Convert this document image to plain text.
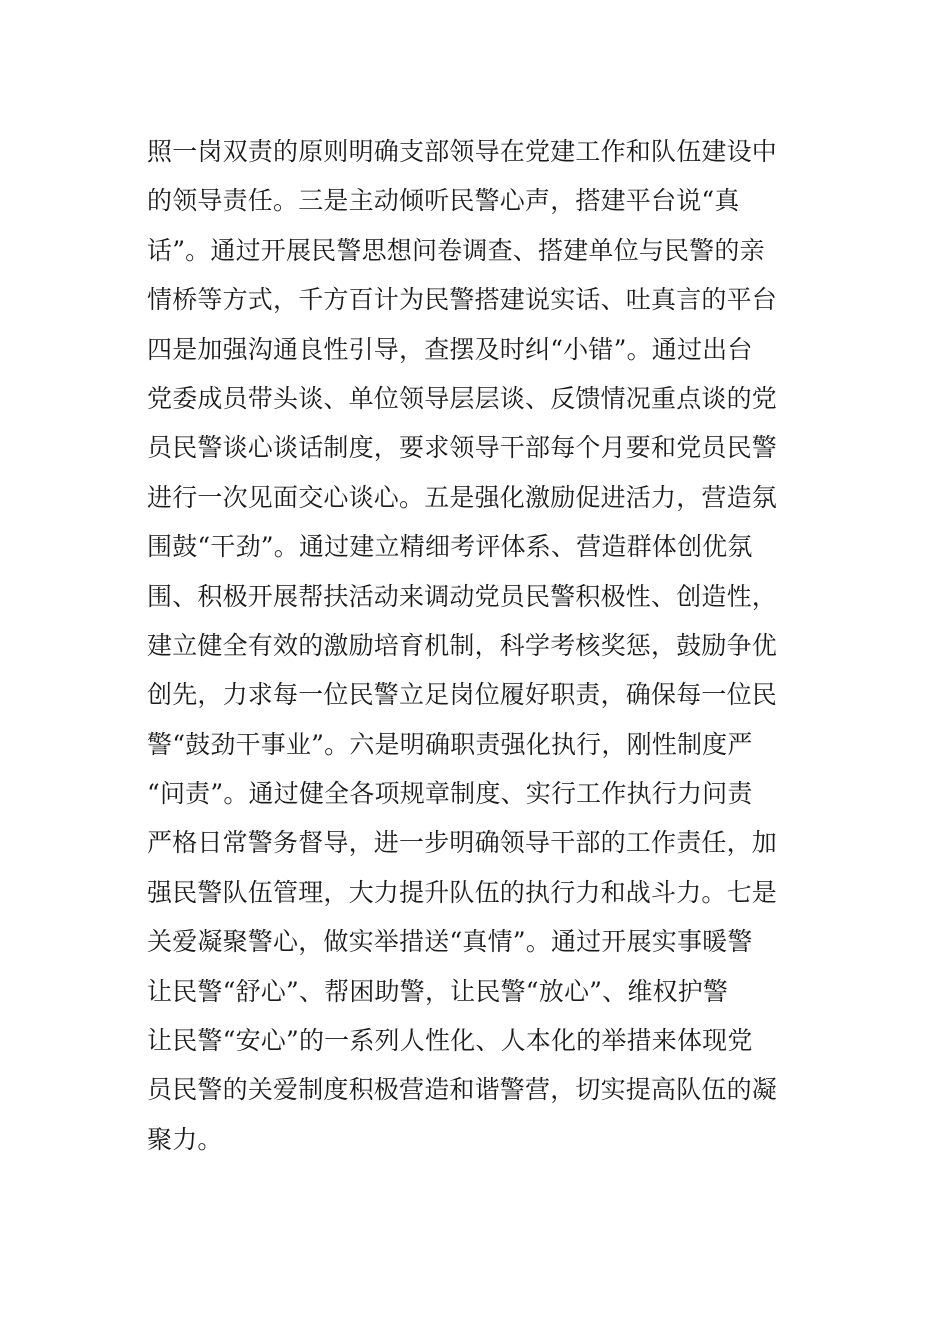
照一岗双责的原则明确支部领导在党建工作和队伍建设中
的领导责任。三是主动倾听民警心声，搭建平台说“真
话”。通过开展民警思想问卷调查、搭建单位与民警的亲
情桥等方式，千方百计为民警搭建说实话、吐真言的平台
四是加强沟通良性引导，查摆及时纠“小错”。通过出台
党委成员带头谈、单位领导层层谈、反馈情况重点谈的党
员民警谈心谈话制度，要求领导干部每个月要和党员民警
进行一次见面交心谈心。五是强化激励促进活力，营造氛
围鼓“干劲”。通过建立精细考评体系、营造群体创优氛
围、积极开展帮扶活动来调动党员民警积极性、创造性，
建立健全有效的激励培育机制，科学考核奖惩，鼓励争优
创先，力求每一位民警立足岗位履好职责，确保每一位民
警“鼓劲干事业”。六是明确职责强化执行，刚性制度严
“问责”。通过健全各项规章制度、实行工作执行力问责
严格日常警务督导，进一步明确领导干部的工作责任，加
强民警队伍管理，大力提升队伍的执行力和战斗力。七是
关爱凝聚警心，做实举措送“真情”。通过开展实事暖警
让民警“舒心”、帮困助警，让民警“放心”、维权护警
让民警“安心”的一系列人性化、人本化的举措来体现党
员民警的关爱制度积极营造和谐警营，切实提高队伍的凝
聚力。
